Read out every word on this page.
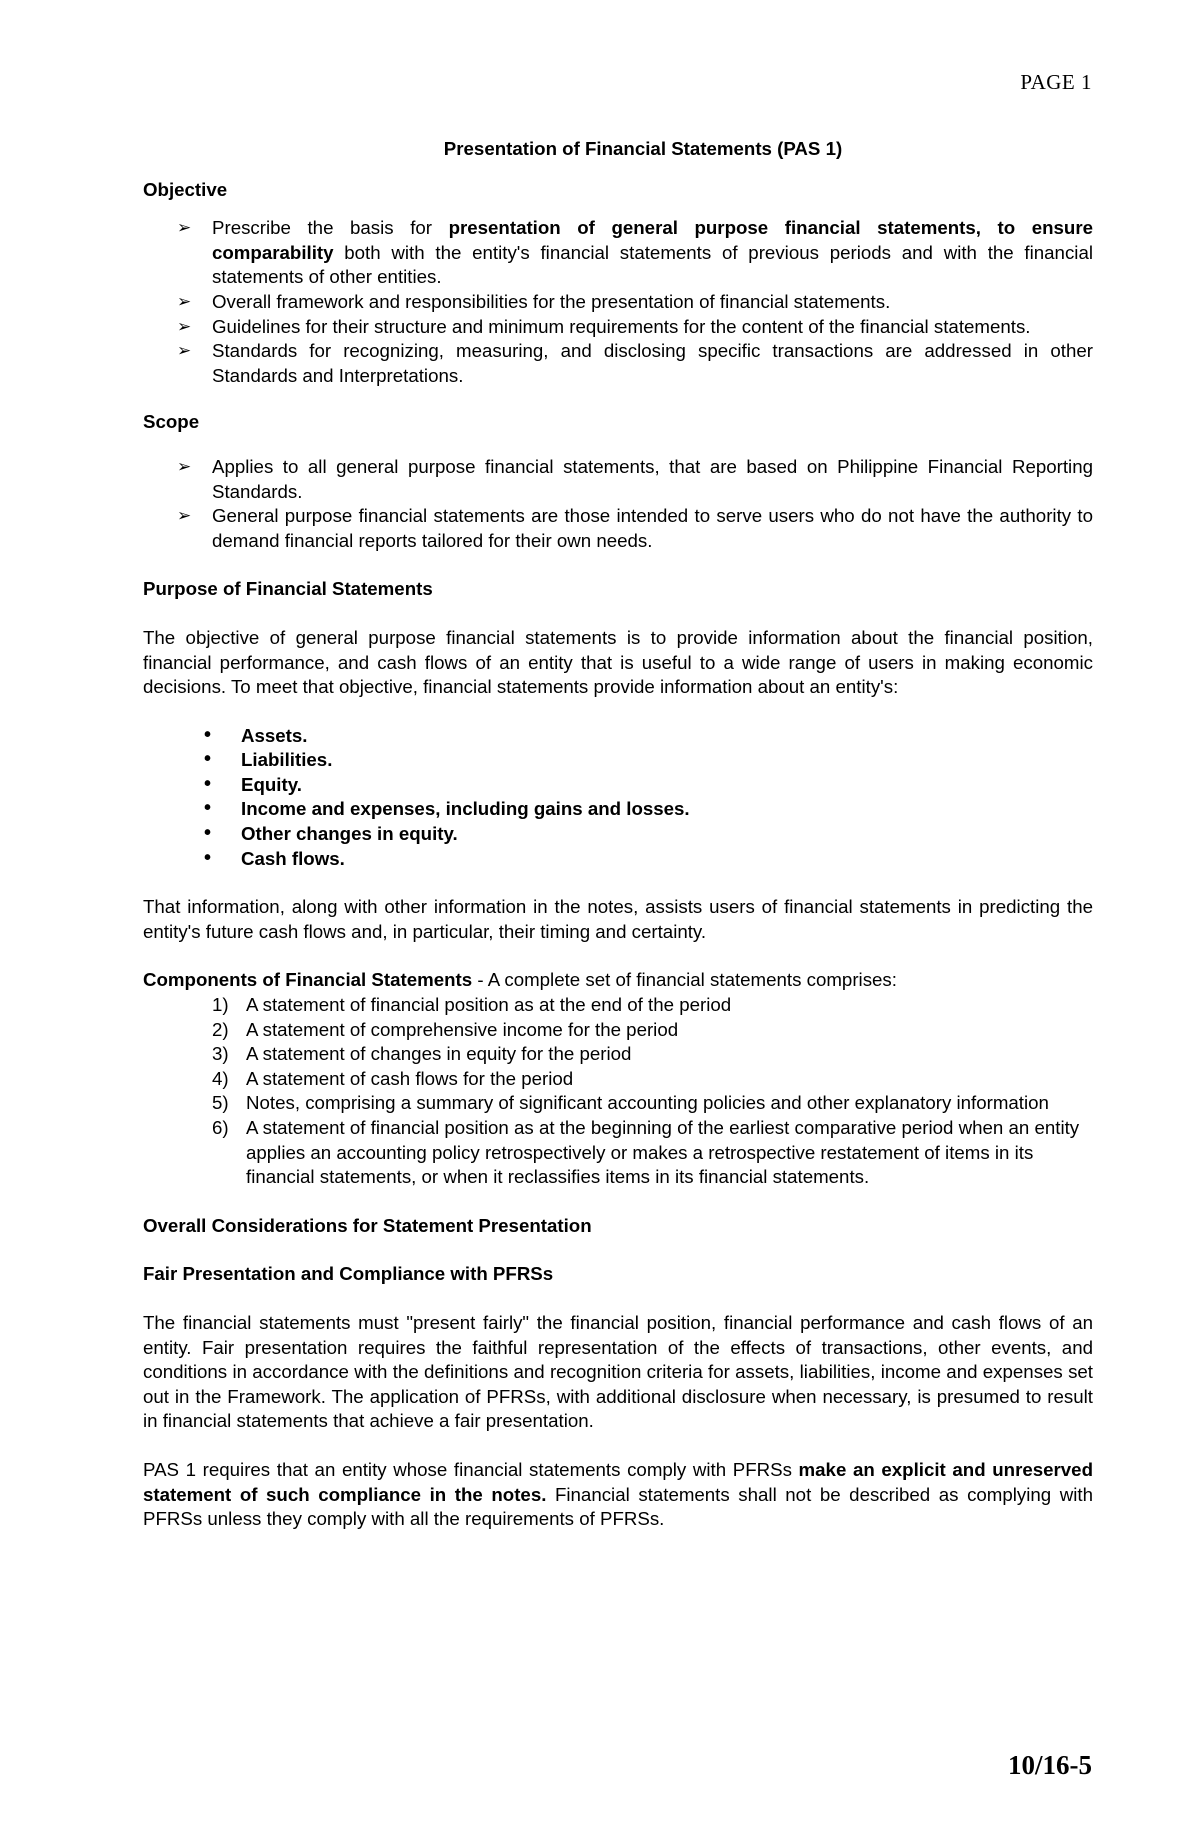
PAGE 1
Presentation of Financial Statements (PAS 1)
Objective
➢ Prescribe the basis for presentation of general purpose financial statements, to ensure comparability both with the entity's financial statements of previous periods and with the financial statements of other entities.
➢ Overall framework and responsibilities for the presentation of financial statements.
➢ Guidelines for their structure and minimum requirements for the content of the financial statements.
➢ Standards for recognizing, measuring, and disclosing specific transactions are addressed in other Standards and Interpretations.
Scope
➢ Applies to all general purpose financial statements, that are based on Philippine Financial Reporting Standards.
➢ General purpose financial statements are those intended to serve users who do not have the authority to demand financial reports tailored for their own needs.
Purpose of Financial Statements

The objective of general purpose financial statements is to provide information about the financial position, financial performance, and cash flows of an entity that is useful to a wide range of users in making economic decisions. To meet that objective, financial statements provide information about an entity's:

• Assets.
• Liabilities.
• Equity.
• Income and expenses, including gains and losses.
• Other changes in equity.
• Cash flows.

That information, along with other information in the notes, assists users of financial statements in predicting the entity's future cash flows and, in particular, their timing and certainty.

Components of Financial Statements - A complete set of financial statements comprises:

1) A statement of financial position as at the end of the period
2) A statement of comprehensive income for the period
3) A statement of changes in equity for the period
4) A statement of cash flows for the period
5) Notes, comprising a summary of significant accounting policies and other explanatory information
6) A statement of financial position as at the beginning of the earliest comparative period when an entity applies an accounting policy retrospectively or makes a retrospective restatement of items in its financial statements, or when it reclassifies items in its financial statements.
Overall Considerations for Statement Presentation
Fair Presentation and Compliance with PFRSs

The financial statements must "present fairly" the financial position, financial performance and cash flows of an entity. Fair presentation requires the faithful representation of the effects of transactions, other events, and conditions in accordance with the definitions and recognition criteria for assets, liabilities, income and expenses set out in the Framework. The application of PFRSs, with additional disclosure when necessary, is presumed to result in financial statements that achieve a fair presentation.

PAS 1 requires that an entity whose financial statements comply with PFRSs make an explicit and unreserved statement of such compliance in the notes. Financial statements shall not be described as complying with PFRSs unless they comply with all the requirements of PFRSs.

10/16-5
